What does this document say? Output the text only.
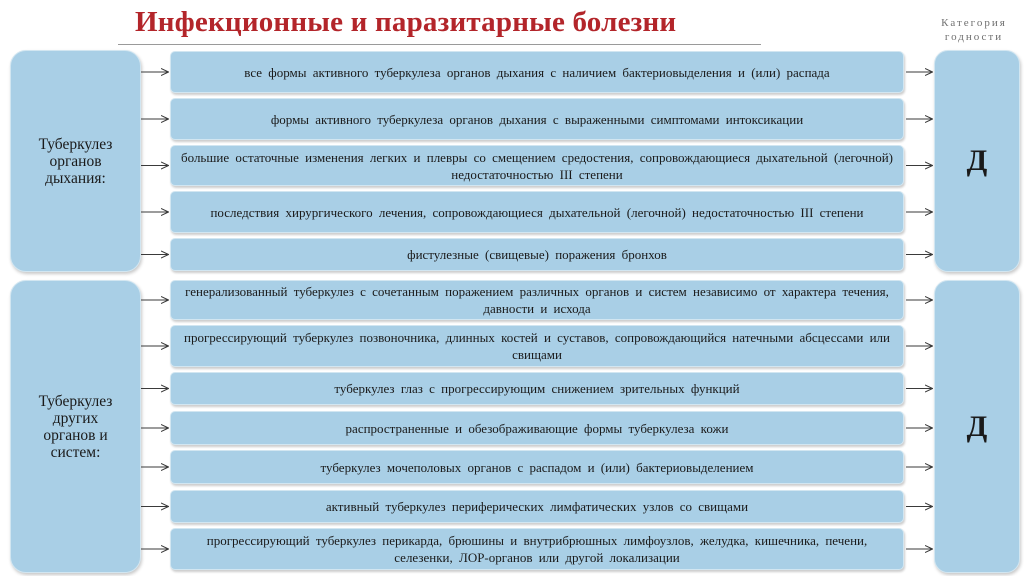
Инфекционные и паразитарные болезни	Категория годности
Туберкулез
органов
дыхания:
Д
все формы активного туберкулеза органов дыхания с наличием бактериовыделения и (или) распада
формы активного туберкулеза органов дыхания с выраженными симптомами интоксикации
большие остаточные изменения легких и плевры со смещением средостения, сопровождающиеся дыхательной (легочной) недостаточностью III степени
последствия хирургического лечения, сопровождающиеся дыхательной (легочной) недостаточностью III степени
фистулезные (свищевые) поражения бронхов
Туберкулез
других
органов и
систем:
Д
генерализованный туберкулез с сочетанным поражением различных органов и систем независимо от характера течения, давности и исхода
прогрессирующий туберкулез позвоночника, длинных костей и суставов, сопровождающийся натечными абсцессами или свищами
туберкулез глаз с прогрессирующим снижением зрительных функций
распространенные и обезображивающие формы туберкулеза кожи
туберкулез мочеполовых органов с распадом и (или) бактериовыделением
активный туберкулез периферических лимфатических узлов со свищами
прогрессирующий туберкулез перикарда, брюшины и внутрибрюшных лимфоузлов, желудка, кишечника, печени, селезенки, ЛОР-органов или другой локализации
